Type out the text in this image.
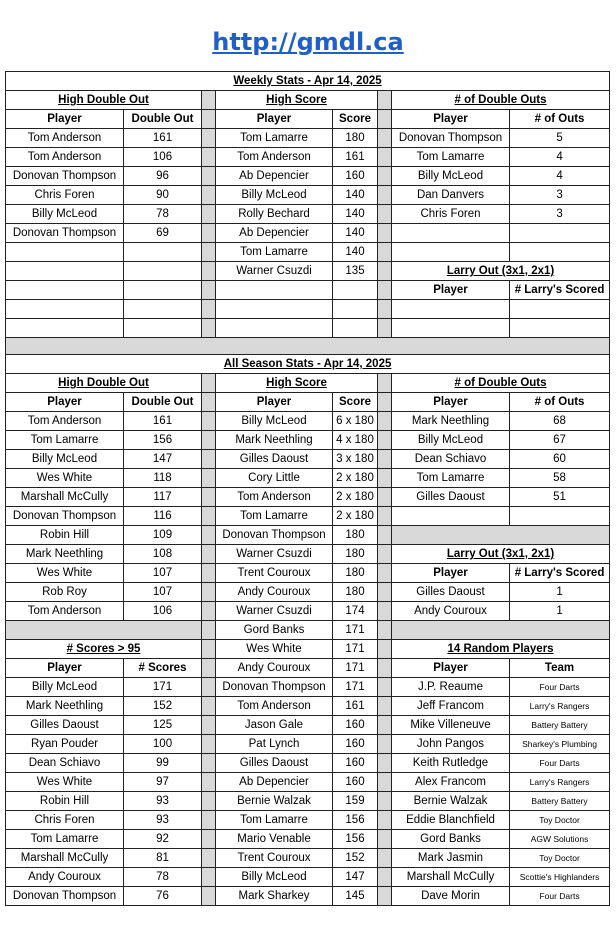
http://gmdl.ca
Weekly Stats - Apr 14, 2025							
High Double Out			High Score			# of Double Outs	
Player	Double Out		Player	Score		Player	# of Outs
Tom Anderson	161		Tom Lamarre	180		Donovan Thompson	5
Tom Anderson	106		Tom Anderson	161		Tom Lamarre	4
Donovan Thompson	96		Ab Depencier	160		Billy McLeod	4
Chris Foren	90		Billy McLeod	140		Dan Danvers	3
Billy McLeod	78		Rolly Bechard	140		Chris Foren	3
Donovan Thompson	69		Ab Depencier	140			
			Tom Lamarre	140			
			Warner Csuzdi	135		Larry Out (3x1, 2x1)	
						Player	# Larry's Scored

All Season Stats - Apr 14, 2025							
High Double Out			High Score			# of Double Outs	
Player	Double Out		Player	Score		Player	# of Outs
Tom Anderson	161		Billy McLeod	6 x 180		Mark Neethling	68
Tom Lamarre	156		Mark Neethling	4 x 180		Billy McLeod	67
Billy McLeod	147		Gilles Daoust	3 x 180		Dean Schiavo	60
Wes White	118		Cory Little	2 x 180		Tom Lamarre	58
Marshall McCully	117		Tom Anderson	2 x 180		Gilles Daoust	51
Donovan Thompson	116		Tom Lamarre	2 x 180			
Robin Hill	109		Donovan Thompson	180			
Mark Neethling	108		Warner Csuzdi	180		Larry Out (3x1, 2x1)	
Wes White	107		Trent Couroux	180		Player	# Larry's Scored
Rob Roy	107		Andy Couroux	180		Gilles Daoust	1
Tom Anderson	106		Warner Csuzdi	174		Andy Couroux	1
			Gord Banks	171			
# Scores > 95			Wes White	171		14 Random Players	
Player	# Scores		Andy Couroux	171		Player	Team
Billy McLeod	171		Donovan Thompson	171		J.P. Reaume	Four Darts
Mark Neethling	152		Tom Anderson	161		Jeff Francom	Larry's Rangers
Gilles Daoust	125		Jason Gale	160		Mike Villeneuve	Battery Battery
Ryan Pouder	100		Pat Lynch	160		John Pangos	Sharkey's Plumbing
Dean Schiavo	99		Gilles Daoust	160		Keith Rutledge	Four Darts
Wes White	97		Ab Depencier	160		Alex Francom	Larry's Rangers
Robin Hill	93		Bernie Walzak	159		Bernie Walzak	Battery Battery
Chris Foren	93		Tom Lamarre	156		Eddie Blanchfield	Toy Doctor
Tom Lamarre	92		Mario Venable	156		Gord Banks	AGW Solutions
Marshall McCully	81		Trent Couroux	152		Mark Jasmin	Toy Doctor
Andy Couroux	78		Billy McLeod	147		Marshall McCully	Scottie's Highlanders
Donovan Thompson	76		Mark Sharkey	145		Dave Morin	Four Darts
